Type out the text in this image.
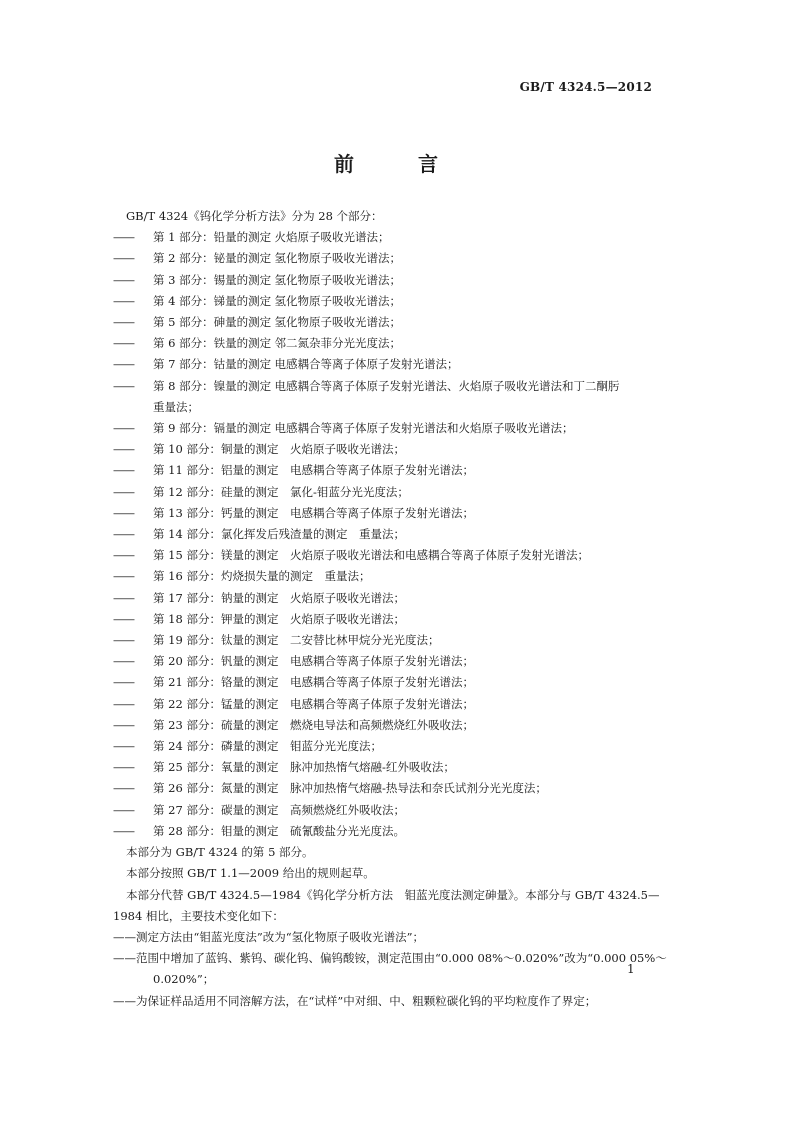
GB/T 4324.5—2012
前　言
GB/T 4324《钨化学分析方法》分为 28 个部分：
——	第 1 部分：铅量的测定
　火焰原子吸收光谱法；
——	第 2 部分：铋量的测定
　氢化物原子吸收光谱法；
——	第 3 部分：锡量的测定
　氢化物原子吸收光谱法；
——	第 4 部分：锑量的测定
　氢化物原子吸收光谱法；
——	第 5 部分：砷量的测定
　氢化物原子吸收光谱法；
——	第 6 部分：铁量的测定
　邻二氮杂菲分光光度法；
——	第 7 部分：钴量的测定
　电感耦合等离子体原子发射光谱法；
——	第 8 部分：镍量的测定
　电感耦合等离子体原子发射光谱法、火焰原子吸收光谱法和丁二酮肟
重量法；
——	第 9 部分：镉量的测定
　电感耦合等离子体原子发射光谱法和火焰原子吸收光谱法；
——	第 10 部分：铜量的测定 　火焰原子吸收光谱法；
——	第 11 部分：铝量的测定 　电感耦合等离子体原子发射光谱法；
——	第 12 部分：硅量的测定 　氯化-钼蓝分光光度法；
——	第 13 部分：钙量的测定 　电感耦合等离子体原子发射光谱法；
——	第 14 部分：氯化挥发后残渣量的测定 　重量法；
——	第 15 部分：镁量的测定 　火焰原子吸收光谱法和电感耦合等离子体原子发射光谱法；
——	第 16 部分：灼烧损失量的测定 　重量法；
——	第 17 部分：钠量的测定 　火焰原子吸收光谱法；
——	第 18 部分：钾量的测定 　火焰原子吸收光谱法；
——	第 19 部分：钛量的测定 　二安替比林甲烷分光光度法；
——	第 20 部分：钒量的测定 　电感耦合等离子体原子发射光谱法；
——	第 21 部分：铬量的测定 　电感耦合等离子体原子发射光谱法；
——	第 22 部分：锰量的测定 　电感耦合等离子体原子发射光谱法；
——	第 23 部分：硫量的测定 　燃烧电导法和高频燃烧红外吸收法；
——	第 24 部分：磷量的测定 　钼蓝分光光度法；
——	第 25 部分：氧量的测定 　脉冲加热惰气熔融-红外吸收法；
——	第 26 部分：氮量的测定 　脉冲加热惰气熔融-热导法和奈氏试剂分光光度法；
——	第 27 部分：碳量的测定 　高频燃烧红外吸收法；
——	第 28 部分：钼量的测定 　硫氰酸盐分光光度法。
本部分为 GB/T 4324 的第 5 部分。
本部分按照 GB/T 1.1—2009 给出的规则起草。
本部分代替 GB/T 4324.5—1984《钨化学分析方法　钼蓝光度法测定砷量》。本部分与 GB/T 4324.5—
1984 相比，主要技术变化如下：
——测定方法由“钼蓝光度法”改为“氢化物原子吸收光谱法”；
——范围中增加了蓝钨、紫钨、碳化钨、偏钨酸铵，测定范围由“0.000 08%～0.020%”改为“0.000 05%～
0.020%”；
——为保证样品适用不同溶解方法，在“试样”中对细、中、粗颗粒碳化钨的平均粒度作了界定；
1
